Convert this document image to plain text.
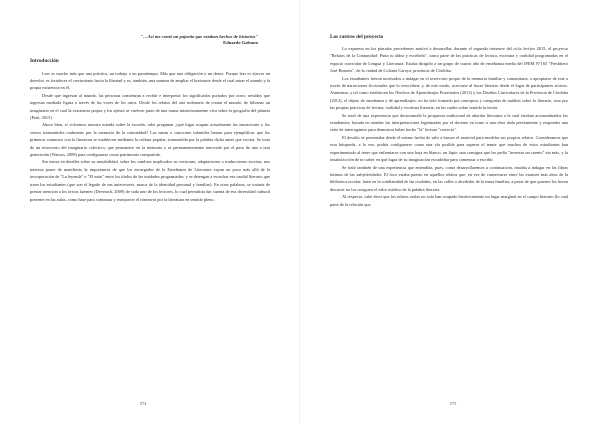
"…Así me contó un pajarito que estaban hechos de historias"
Eduardo Galeano
Introducción

Leer es mucho más que una práctica, un trabajo o un pasatiempo. Más que una obligación o un deseo. Porque leer es ejercer un derecho, es fortalecer el crecimiento hacia la libertad y es, también, una manera de ampliar el horizonte desde el cual mirar el mundo y la propia existencia en él.

Desde que ingresan al mundo, las personas comienzan a recibir e interpretar los significados portados por otros; sentidos que ingresan mediada figura a través de las voces de los otros. Desde los relatos del arte milenario de contar el mundo, de hilvanar un imaginario en el cual la existencia propia y los ajenos se vuelven parte de una trama misteriosamente viva sobre la geografía del planeta (Petit, 2015).

Ahora bien, si volvemos nuestra mirada sobre la escuela, cabe preguntar ¿qué lugar ocupan actualmente las narraciones y los versos transmitidos oralmente por la memoria de la comunidad? Las nanas o canciones infantiles bastan para ejemplificar que los primeros contactos con la literatura se establecen mediante la cultura popular, transmitida por la palabra dicha antes que escrita. Se trata de un reservorio del imaginario colectivo, que permanece en la memoria y se permanentemente renovado por el paso de una a otra generación (Watson, 2009) para configurarse como patrimonio compartido.

Sin entrar en detalles sobre su mutabilidad, sobre los cambios implicados en versiones, adaptaciones o traducciones escritas, nos interesa poner de manifiesto la importancia de que los encargados de la Enseñanza de Literatura vayan un poco más allá de la incorporación de "La leyenda" o "El mito" entre los títulos de las unidades programadas; y se detengan a escuchar ese caudal literario que traen los estudiantes (que son el legado de sus antecesores, marca de la identidad personal y familiar). En otras palabras, se trataría de prestar atención a los textos latentes (Devetach, 2009) de cada uno de los lectores, lo cual permitiría dar cuenta de esa diversidad cultural presente en las aulas, como base para continuar y enriquecer el itinerario por la literatura en sentido pleno.

574
Los rastros del proyecto

Lo expuesto en los párrafos precedentes motivó a desarrollar, durante el segundo trimestre del ciclo lectivo 2015, el proyecto "Relatos de la Comunidad: Pinta tu aldea y escríbela", como parte de las prácticas de lectura, escritura y oralidad programadas en el espacio curricular de Lengua y Literatura. Estaba dirigido a un grupo de cuarto año de enseñanza media del IPEM N°165 "Presbítero José Bonoris", de la ciudad de Colonia Caroya, provincia de Córdoba.

Los estudiantes fueron motivados a indagar en el reservorio propio de la memoria familiar y comunitaria, a apropiarse de este a través de narraciones ficcionales que lo reescriben; y, de este modo, acercarse al hacer literario desde el lugar de participantes activos. Asimismo, y tal como establecen los Núcleos de Aprendizajes Prioritarios (2012) y los Diseños Curriculares de la Provincia de Córdoba (2012), el objeto de enseñanza y de aprendizajes, no ha sido formado por conceptos y categorías de análisis sobre lo literario, sino por las propias prácticas de lectura, oralidad y escritura literaria, en las cuales sobre sentido la teoría.

Se trató de una experiencia que desacomodó la propuesta tradicional de abordar literatura a la cual estaban acostumbrados los estudiantes; basada en atender las interpretaciones legitimadas por el docente en torno a una obra dada previamente y responder una serie de interrogantes para demostrar haber hecho "la" lectura "correcta".

El desafío se presentaba desde el mismo hecho de salir a buscar el material para modelar sus propios relatos. Consideramos que esta búsqueda, a la vez, podría configurarse como una vía posible para superar el temor que muchos de estos estudiantes han experimentado al tener que enfrentarse con una hoja en blanco, un lápiz, una consigna que les pedía "inventar un cuento" sin más, y la insatisfacción de no saber en qué lugar de su imaginación escudriñar para comenzar a escribir.

Se trató también de una experiencia que entendida, pues, como desarrollaremos a continuación, instaba a indagar en las fibras íntimas de las subjetividades. El foco estaba puesto en aquellos relatos que, en vez de conservarse entre las estantes más altos de la biblioteca escolar, laten en la cotidianidad de las ciudades, en las calles o alrededor de la mesa familiar; a pesar de que quienes los hacen discurrir no los otorguen el valor estético de la palabra literaria.

Al respecto, cabe decir que los relatos orales no solo han ocupado históricamente un lugar marginal en el campo literario (lo cual parte de la relación que

575
